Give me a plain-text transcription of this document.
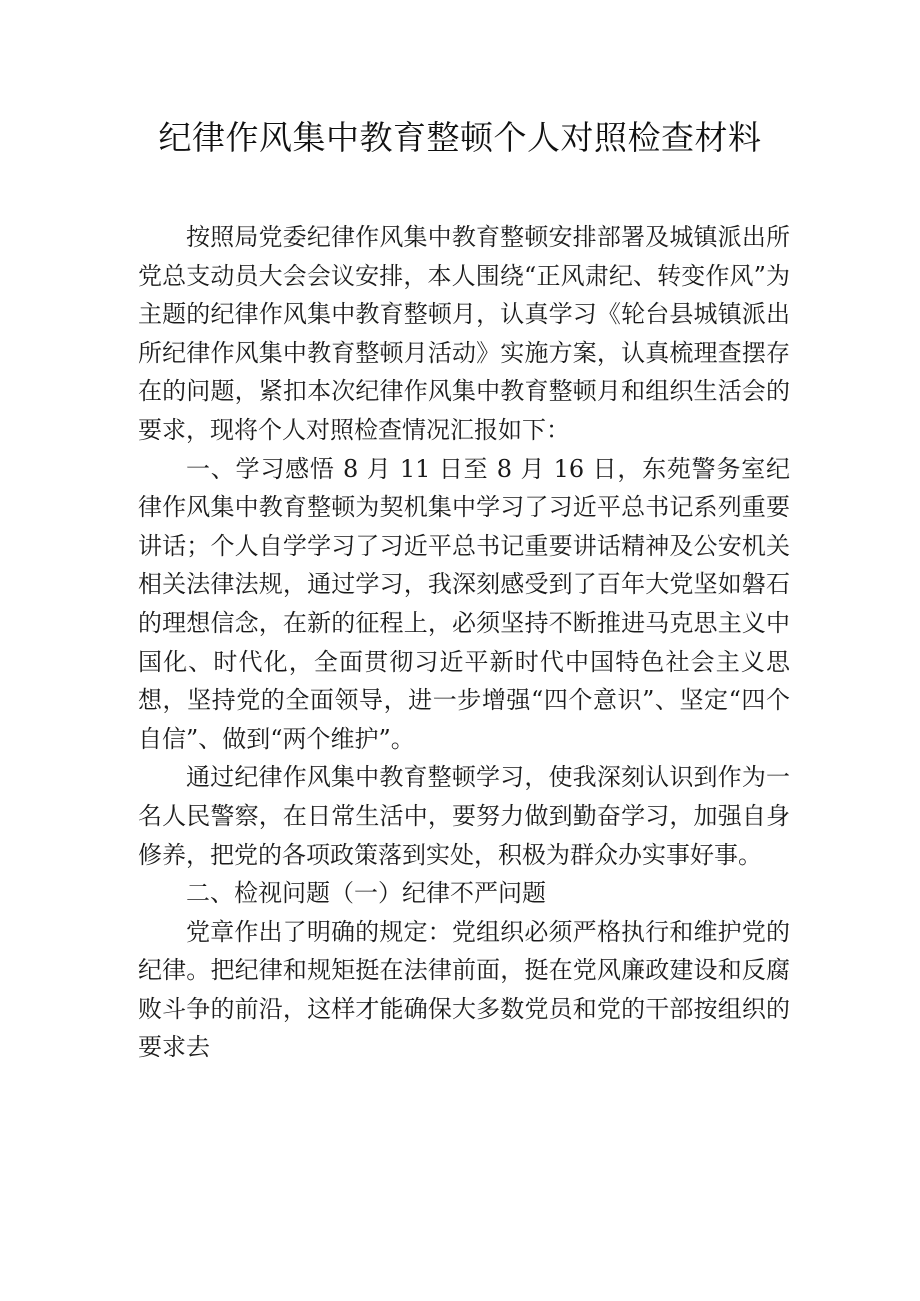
纪律作风集中教育整顿个人对照检查材料

按照局党委纪律作风集中教育整顿安排部署及城镇派出所党总支动员大会会议安排，本人围绕“正风肃纪、转变作风”为主题的纪律作风集中教育整顿月，认真学习《轮台县城镇派出所纪律作风集中教育整顿月活动》实施方案，认真梳理查摆存在的问题，紧扣本次纪律作风集中教育整顿月和组织生活会的要求，现将个人对照检查情况汇报如下：

一、学习感悟 8 月 11 日至 8 月 16 日，东苑警务室纪律作风集中教育整顿为契机集中学习了习近平总书记系列重要讲话；个人自学学习了习近平总书记重要讲话精神及公安机关相关法律法规，通过学习，我深刻感受到了百年大党坚如磐石的理想信念，在新的征程上，必须坚持不断推进马克思主义中国化、时代化，全面贯彻习近平新时代中国特色社会主义思想，坚持党的全面领导，进一步增强“四个意识”、坚定“四个自信”、做到“两个维护”。

通过纪律作风集中教育整顿学习，使我深刻认识到作为一名人民警察，在日常生活中，要努力做到勤奋学习，加强自身修养，把党的各项政策落到实处，积极为群众办实事好事。

二、检视问题（一）纪律不严问题

党章作出了明确的规定：党组织必须严格执行和维护党的纪律。把纪律和规矩挺在法律前面，挺在党风廉政建设和反腐败斗争的前沿，这样才能确保大多数党员和党的干部按组织的要求去
